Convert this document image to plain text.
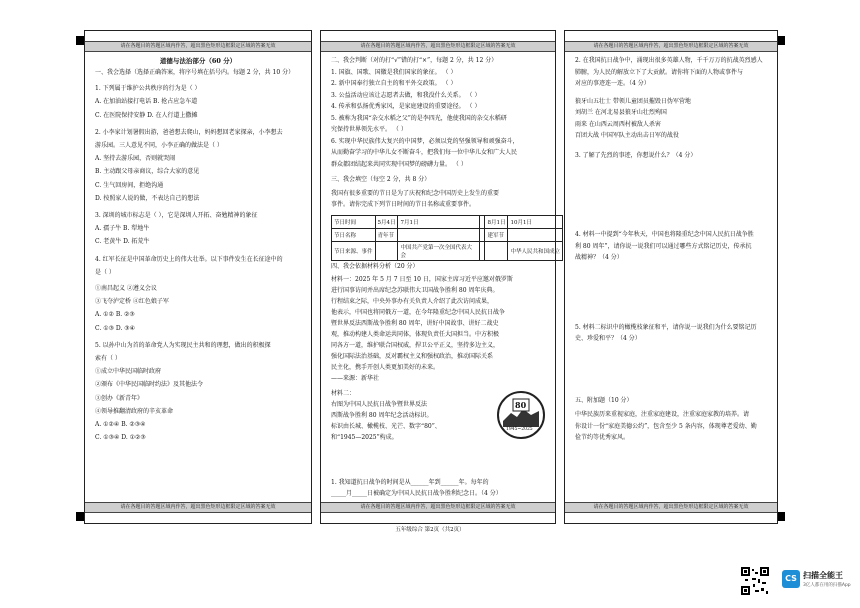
请在各题目的答题区域内作答，超出黑色矩形边框限定区域的答案无效
道德与法治部分（60 分）
一、我会选择（选择正确答案，将序号填在括号内。每题 2 分，共 10 分）
1. 下列属于维护公共秩序的行为是（ ）
A. 在加油站接打电话 B. 抢占应急车道
C. 在医院保持安静 D. 在人行道上撒摊
2. 小李家计划暑假出游，爸爸想去爬山，妈妈想回老家探亲，小李想去
游乐园。三人意见不同，小李正确的做法是（ ）
A. 坚持去游乐园，否则就哭闹
B. 主动跟父母亲商议，综合大家的意见
C. 生气回房间，拒绝沟通
D. 按照家人说的做，不表达自己的想法
3. 深圳的城市标志是（ ），它是深圳人开拓、奋勉精神的象征
A. 孺子牛 B. 犁地牛
C. 老黄牛 D. 拓荒牛
4. 红军长征是中国革命历史上的伟大壮举。以下事件发生在长征途中的
是（ ）
①南昌起义 ②遵义会议
③飞夺泸定桥 ④红色娘子军
A. ①② B. ②③
C. ①③ D. ③④
5. 以孙中山为首的革命党人为实现民主共和的理想，做出的积极探
索有（ ）
①成立中华民国临时政府
②颁布《中华民国临时约法》及其他法令
③创办《新青年》
④领导推翻清政府的辛亥革命
A. ①②④ B. ②③④
C. ①③④ D. ①②③
请在各题目的答题区域内作答，超出黑色矩形边框限定区域的答案无效
请在各题目的答题区域内作答，超出黑色矩形边框限定区域的答案无效
二、我会判断（对的打“√”错的打“×”，每题 2 分，共 12 分）
1. 国旗、国歌、国徽是我们国家的象征。 （ ）
2. 新中国奉行独立自主的和平外交政策。 （ ）
3. 公益活动应该让志愿者去做，和我没什么关系。 （ ）
4. 传承和弘扬优秀家风，是家庭建设的重要途径。 （ ）
5. 被称为我国“杂交水稻之父”的是李四光，他使我国的杂交水稻研
究保持世界领先水平。 （ ）
6. 实现中华民族伟大复兴的中国梦，必须以党的坚强领导和顽强奋斗，
从而勤奋学习的中华儿女不断奋斗，把我们每一位中华儿女和广大人民
群众都团结起来共同实现中国梦的磅礴力量。 （ ）
三、我会填空（每空 2 分，共 8 分）
我国有很多重要的节日是为了庆祝和纪念中国历史上发生的重要
事件。请你完成下列节日时间的节日名称或重要事件。
节日时间	5月4日	7月1日		8月1日	10月1日
节日名称	青年节			建军节	
节日来源、事件		中国共产党第一次全国代表大会			中华人民共和国成立
四、我会依据材料分析（20 分）
材料一：2025 年 5 月 7 日至 10 日，国家主席习近平应邀对俄罗斯
进行国事访问并出席纪念苏联伟大卫国战争胜利 80 周年庆典。
行程结束之际，中央外事办有关负责人介绍了此次访问成果，
他表示，中国也将同俄方一道，在今年隆重纪念中国人民抗日战争
暨世界反法西斯战争胜利 80 周年，讲好中国故事、讲好二战史
观，推动构建人类命运共同体，体现负责任大国担当。中方积极
同各方一道，维护联合国权威，捍卫公平正义，坚持多边主义，
强化国际法治基础，反对霸权主义和强权政治，推动国际关系
民主化，携手开创人类更加美好的未来。
——来源：新华社
材料二：
右图为中国人民抗日战争暨世界反法
西斯战争胜利 80 周年纪念活动标识。
标识由长城、橄榄枝、光芒、数字“80”、
和“1945—2025”构成。
1. 我知道抗日战争的时间是从______年到______年。每年的
_____月_____日被确定为中国人民抗日战争胜利纪念日。（4 分）
80
1945~2025
请在各题目的答题区域内作答，超出黑色矩形边框限定区域的答案无效
请在各题目的答题区域内作答，超出黑色矩形边框限定区域的答案无效
2. 在我国抗日战争中，涌现出很多英雄人物，千千万万的抗战英烈感人
肺腑，为人民的解放立下了大贡献。请你将下面的人物或事件与
对应的事迹连一连。（4 分）
狼牙山五壮士 带领儿童团员摧毁日伪军营地
刘胡兰 在河北易县狼牙山壮烈殉国
雨来 在山西云周西村被敌人杀害
百团大战 中国军队主动出击日军的战役
3. 了解了先烈的事迹，你想说什么？（4 分）
4. 材料一中提到“今年秋天，中国也将隆重纪念中国人民抗日战争胜
利 80 周年”，请你说一说我们可以通过哪些方式铭记历史，传承抗
战精神？（4 分）
5. 材料二标识中的橄榄枝象征和平，请你说一说我们为什么要铭记历
史、珍爱和平？（4 分）
五、附加题（10 分）
中华民族历来重视家庭，注重家庭建设，注重家庭家教的培养。请
你设计一份“家庭美德公约”，包含至少 5 条内容，体现尊老爱幼、勤
俭节约等优秀家风。
请在各题目的答题区域内作答，超出黑色矩形边框限定区域的答案无效
五年级综合 第2页（共2页）
CS 扫描全能王
3亿人都在用的扫描App
